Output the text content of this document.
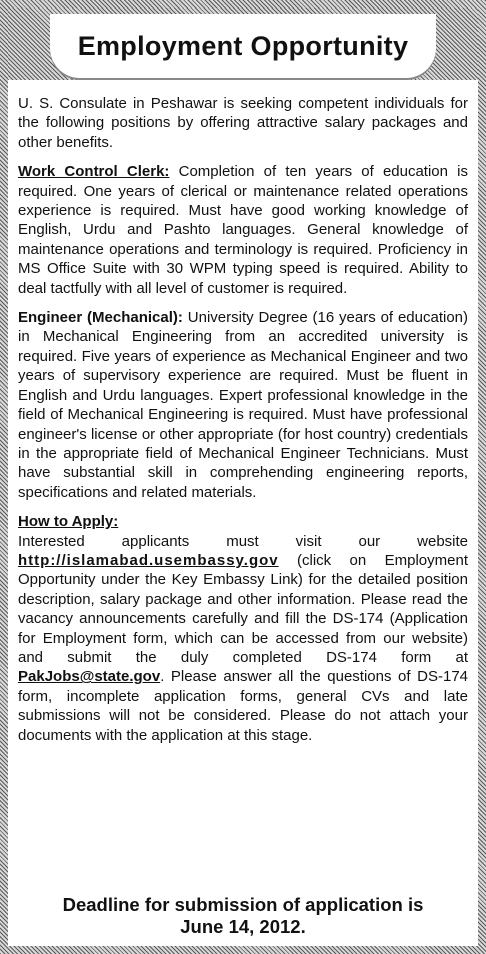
Employment Opportunity

U. S. Consulate in Peshawar is seeking competent individuals for the following positions by offering attractive salary packages and other benefits.

Work Control Clerk: Completion of ten years of education is required. One years of clerical or maintenance related operations experience is required. Must have good working knowledge of English, Urdu and Pashto languages. General knowledge of maintenance operations and terminology is required. Proficiency in MS Office Suite with 30 WPM typing speed is required. Ability to deal tactfully with all level of customer is required.

Engineer (Mechanical): University Degree (16 years of education) in Mechanical Engineering from an accredited university is required. Five years of experience as Mechanical Engineer and two years of supervisory experience are required. Must be fluent in English and Urdu languages. Expert professional knowledge in the field of Mechanical Engineering is required. Must have professional engineer's license or other appropriate (for host country) credentials in the appropriate field of Mechanical Engineer Technicians. Must have substantial skill in comprehending engineering reports, specifications and related materials.

How to Apply:

Interested applicants must visit our website http://islamabad.usembassy.gov (click on Employment Opportunity under the Key Embassy Link) for the detailed position description, salary package and other information. Please read the vacancy announcements carefully and fill the DS-174 (Application for Employment form, which can be accessed from our website) and submit the duly completed DS-174 form at PakJobs@state.gov. Please answer all the questions of DS-174 form, incomplete application forms, general CVs and late submissions will not be considered. Please do not attach your documents with the application at this stage.

Deadline for submission of application is
June 14, 2012.
